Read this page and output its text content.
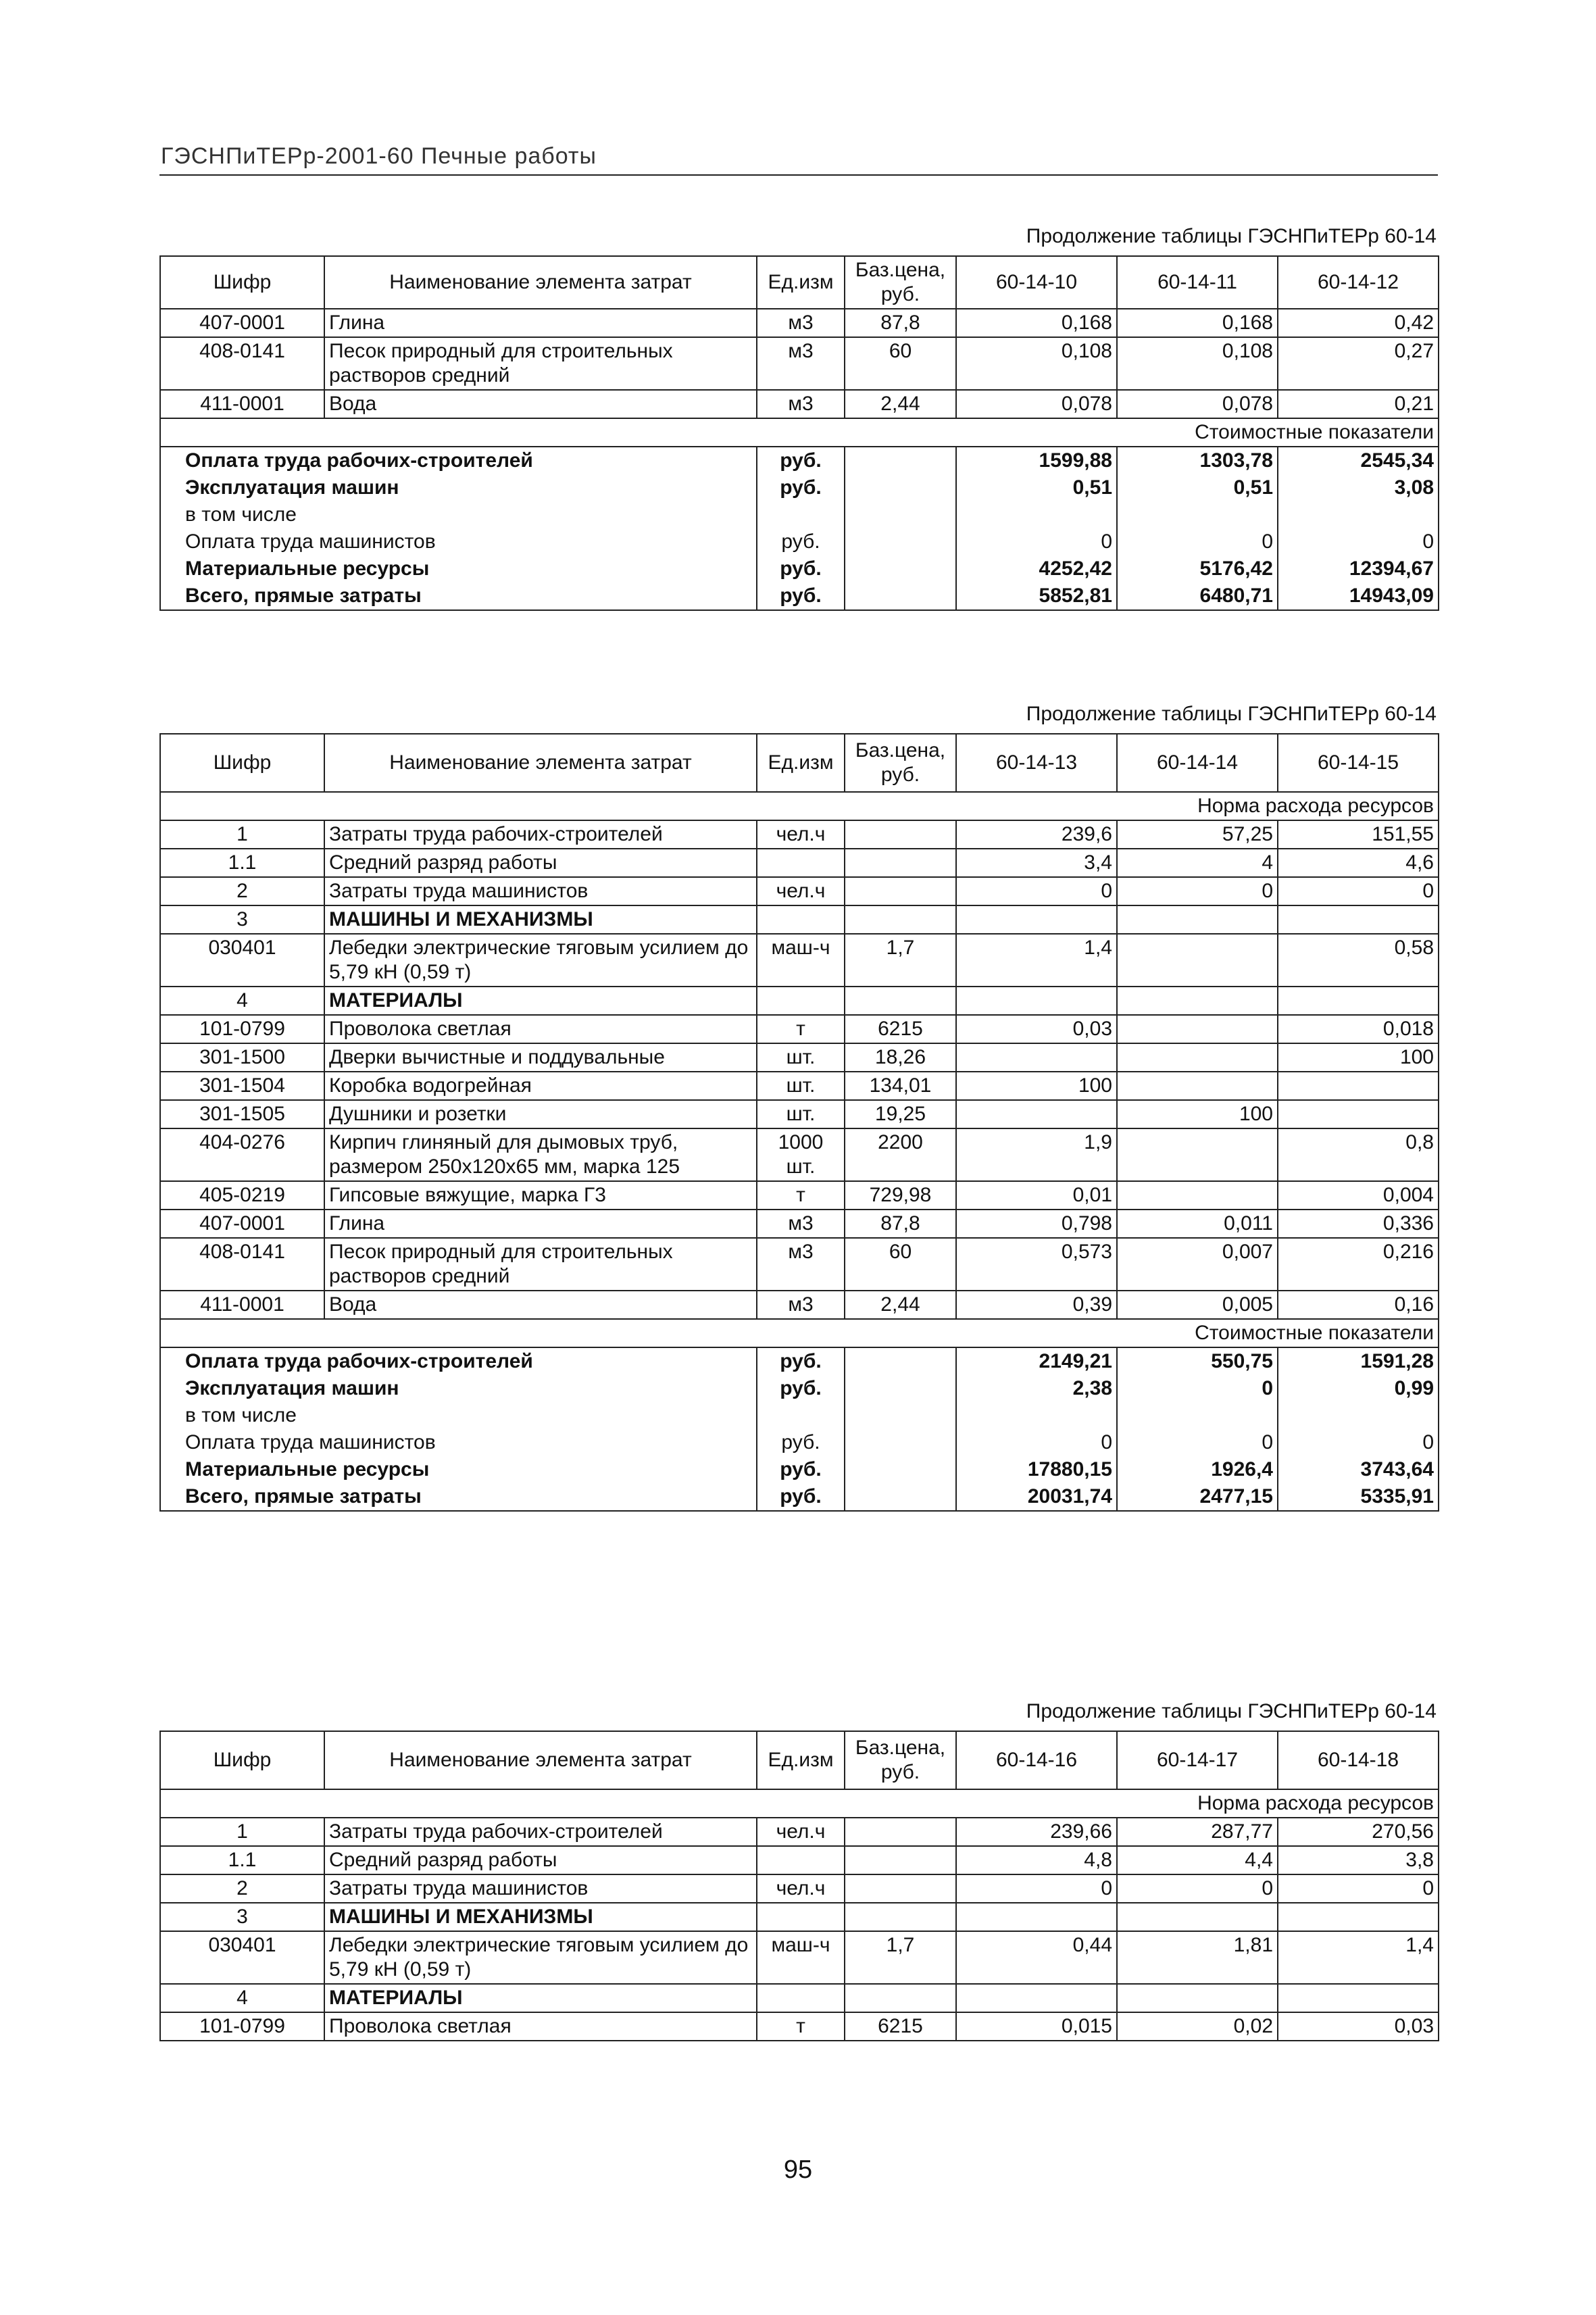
ГЭСНПиТЕРр-2001-60 Печные работы
Продолжение таблицы ГЭСНПиТЕРр 60-14
Шифр	Наименование элемента затрат	Ед.изм	Баз.цена, руб.	60-14-10	60-14-11	60-14-12
407-0001	Глина	м3	87,8	0,168	0,168	0,42
408-0141	Песок природный для строительных растворов средний	м3	60	0,108	0,108	0,27
411-0001	Вода	м3	2,44	0,078	0,078	0,21
Стоимостные показатели						
Оплата труда рабочих-строителей		руб.		1599,88	1303,78	2545,34
Эксплуатация машин		руб.		0,51	0,51	3,08
в том числе						
Оплата труда машинистов		руб.		0	0	0
Материальные ресурсы		руб.		4252,42	5176,42	12394,67
Всего, прямые затраты		руб.		5852,81	6480,71	14943,09
Продолжение таблицы ГЭСНПиТЕРр 60-14
Шифр	Наименование элемента затрат	Ед.изм	Баз.цена, руб.	60-14-13	60-14-14	60-14-15
Норма расхода ресурсов						
1	Затраты труда рабочих-строителей	чел.ч		239,6	57,25	151,55
1.1	Средний разряд работы			3,4	4	4,6
2	Затраты труда машинистов	чел.ч		0	0	0
3	МАШИНЫ И МЕХАНИЗМЫ					
030401	Лебедки электрические тяговым усилием до 5,79 кН (0,59 т)	маш-ч	1,7	1,4		0,58
4	МАТЕРИАЛЫ					
101-0799	Проволока светлая	т	6215	0,03		0,018
301-1500	Дверки вычистные и поддувальные	шт.	18,26			100
301-1504	Коробка водогрейная	шт.	134,01	100		
301-1505	Душники и розетки	шт.	19,25		100	
404-0276	Кирпич глиняный для дымовых труб, размером 250х120х65 мм, марка 125	1000 шт.	2200	1,9		0,8
405-0219	Гипсовые вяжущие, марка Г3	т	729,98	0,01		0,004
407-0001	Глина	м3	87,8	0,798	0,011	0,336
408-0141	Песок природный для строительных растворов средний	м3	60	0,573	0,007	0,216
411-0001	Вода	м3	2,44	0,39	0,005	0,16
Стоимостные показатели						
Оплата труда рабочих-строителей		руб.		2149,21	550,75	1591,28
Эксплуатация машин		руб.		2,38	0	0,99
в том числе						
Оплата труда машинистов		руб.		0	0	0
Материальные ресурсы		руб.		17880,15	1926,4	3743,64
Всего, прямые затраты		руб.		20031,74	2477,15	5335,91
Продолжение таблицы ГЭСНПиТЕРр 60-14
Шифр	Наименование элемента затрат	Ед.изм	Баз.цена, руб.	60-14-16	60-14-17	60-14-18
Норма расхода ресурсов						
1	Затраты труда рабочих-строителей	чел.ч		239,66	287,77	270,56
1.1	Средний разряд работы			4,8	4,4	3,8
2	Затраты труда машинистов	чел.ч		0	0	0
3	МАШИНЫ И МЕХАНИЗМЫ					
030401	Лебедки электрические тяговым усилием до 5,79 кН (0,59 т)	маш-ч	1,7	0,44	1,81	1,4
4	МАТЕРИАЛЫ					
101-0799	Проволока светлая	т	6215	0,015	0,02	0,03
95
